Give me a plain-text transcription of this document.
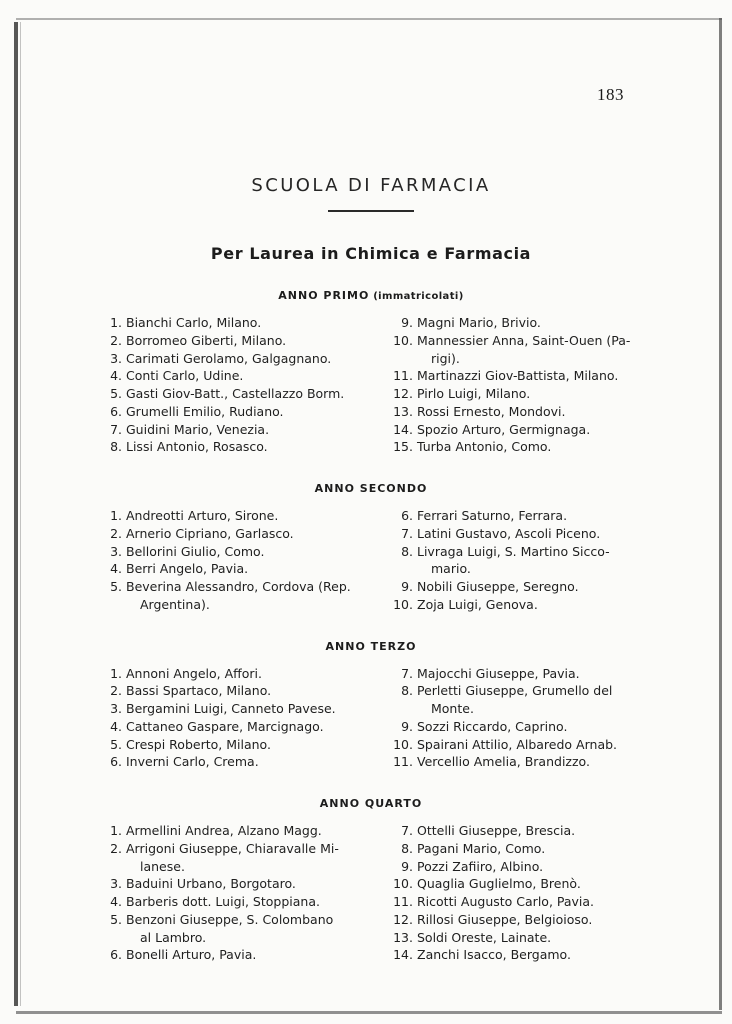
183
SCUOLA DI FARMACIA
Per Laurea in Chimica e Farmacia
ANNO PRIMO (immatricolati)
1. Bianchi Carlo, Milano.
2. Borromeo Giberti, Milano.
3. Carimati Gerolamo, Galgagnano.
4. Conti Carlo, Udine.
5. Gasti Giov-Batt., Castellazzo Borm.
6. Grumelli Emilio, Rudiano.
7. Guidini Mario, Venezia.
8. Lissi Antonio, Rosasco.
9. Magni Mario, Brivio.
10. Mannessier Anna, Saint-Ouen (Pa-
rigi).
11. Martinazzi Giov-Battista, Milano.
12. Pirlo Luigi, Milano.
13. Rossi Ernesto, Mondovi.
14. Spozio Arturo, Germignaga.
15. Turba Antonio, Como.
ANNO SECONDO
1. Andreotti Arturo, Sirone.
2. Arnerio Cipriano, Garlasco.
3. Bellorini Giulio, Como.
4. Berri Angelo, Pavia.
5. Beverina Alessandro, Cordova (Rep.
Argentina).
6. Ferrari Saturno, Ferrara.
7. Latini Gustavo, Ascoli Piceno.
8. Livraga Luigi, S. Martino Sicco-
mario.
9. Nobili Giuseppe, Seregno.
10. Zoja Luigi, Genova.
ANNO TERZO
1. Annoni Angelo, Affori.
2. Bassi Spartaco, Milano.
3. Bergamini Luigi, Canneto Pavese.
4. Cattaneo Gaspare, Marcignago.
5. Crespi Roberto, Milano.
6. Inverni Carlo, Crema.
7. Majocchi Giuseppe, Pavia.
8. Perletti Giuseppe, Grumello del
Monte.
9. Sozzi Riccardo, Caprino.
10. Spairani Attilio, Albaredo Arnab.
11. Vercellio Amelia, Brandizzo.
ANNO QUARTO
1. Armellini Andrea, Alzano Magg.
2. Arrigoni Giuseppe, Chiaravalle Mi-
lanese.
3. Baduini Urbano, Borgotaro.
4. Barberis dott. Luigi, Stoppiana.
5. Benzoni Giuseppe, S. Colombano
al Lambro.
6. Bonelli Arturo, Pavia.
7. Ottelli Giuseppe, Brescia.
8. Pagani Mario, Como.
9. Pozzi Zafiiro, Albino.
10. Quaglia Guglielmo, Brenò.
11. Ricotti Augusto Carlo, Pavia.
12. Rillosi Giuseppe, Belgioioso.
13. Soldi Oreste, Lainate.
14. Zanchi Isacco, Bergamo.
